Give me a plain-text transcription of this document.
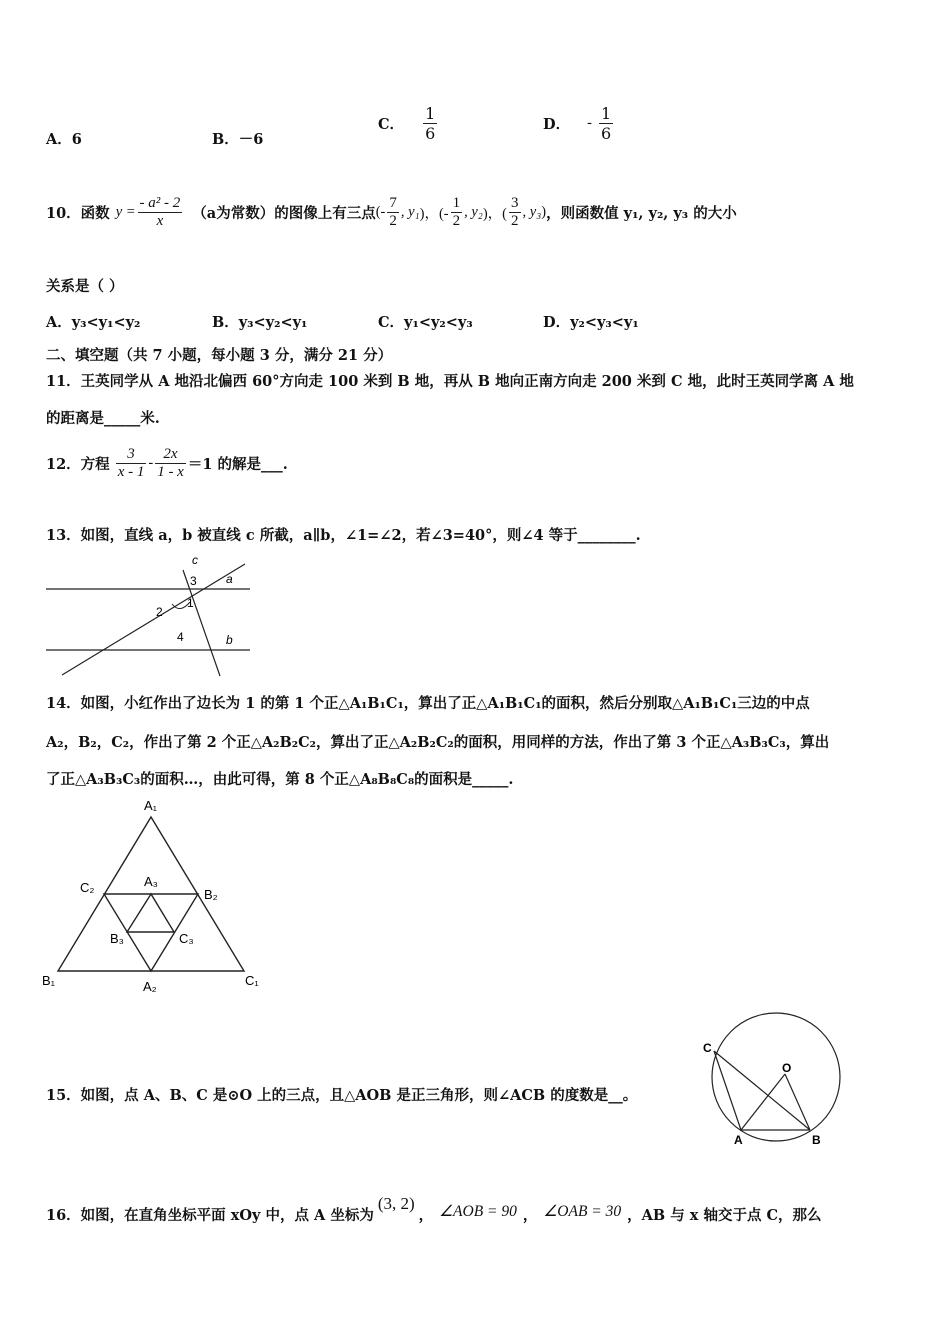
A．6	B．－6
C． $\frac{1}{6}$	D． - $\frac{1}{6}$
10．函数 $y = \frac{\text{- a² - 2}}{x} (a$为常数）的图像上有三点 (- $\frac{7}{2}$ , y₁ )，(- $\frac{1}{2}$ , y₂ )，( $\frac{3}{2}$ , y₃ ) ，则函数值 y₁, y₂, y₃ 的大小
关系是（ ）
A．y₃<y₁<y₂	B．y₃<y₂<y₁	C．y₁<y₂<y₃	D．y₂<y₃<y₁
二、填空题（共 7 小题，每小题 3 分，满分 21 分）
11．王英同学从 A 地沿北偏西 60°方向走 100 米到 B 地，再从 B 地向正南方向走 200 米到 C 地，此时王英同学离 A 地
的距离是_____米.
12．方程 $\frac{3}{x - 1} - \frac{2x}{1 - x} =1$ 的解是___.
13．如图，直线 a，b 被直线 c 所截，a∥b，∠1=∠2，若∠3=40°，则∠4 等于________.
c
3 a
1
2
4	b
14．如图，小红作出了边长为 1 的第 1 个正△A₁B₁C₁，算出了正△A₁B₁C₁的面积，然后分别取△A₁B₁C₁三边的中点
A₂，B₂，C₂，作出了第 2 个正△A₂B₂C₂，算出了正△A₂B₂C₂的面积，用同样的方法，作出了第 3 个正△A₃B₃C₃，算出
了正△A₃B₃C₃的面积…，由此可得，第 8 个正△A₈B₈C₈的面积是_____.
A₁
B₁	C₁
A₂
B₂
C₂	A₃
B₃	C₃
15．如图，点 A、B、C 是⊙O 上的三点，且△AOB 是正三角形，则∠ACB 的度数是__。
C
O
A	B
16．如图，在直角坐标平面 xOy 中，点 A 坐标为
(3, 2)
， ∠AOB = 90 ， ∠OAB = 30 ，AB 与 x 轴交于点 C，那么
